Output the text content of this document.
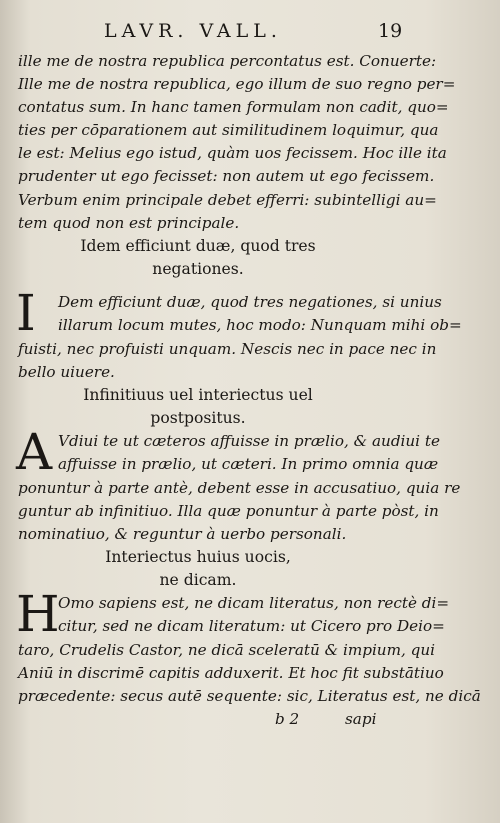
LAVR. VALL.	19
ille me de nostra republica percontatus est. Conuerte:
Ille me de nostra republica, ego illum de suo regno per=
contatus sum. In hanc tamen formulam non cadit, quo=
ties per cōparationem aut similitudinem loquimur, qua
le est: Melius ego istud, quàm uos fecissem. Hoc ille ita
prudenter ut ego fecisset: non autem ut ego fecissem.
Verbum enim principale debet efferri: subintelligi au=
tem quod non est principale.
Idem efficiunt duæ, quod tres
negationes.
I	Dem efficiunt duæ, quod tres negationes, si unius
illarum locum mutes, hoc modo: Nunquam mihi ob=
fuisti, nec profuisti unquam. Nescis nec in pace nec in
bello uiuere.
Infinitiuus uel interiectus uel
postpositus.
A Vdiui te ut cæteros affuisse in prælio, & audiui te
affuisse in prælio, ut cæteri. In primo omnia quæ
ponuntur à parte antè, debent esse in accusatiuo, quia re
guntur ab infinitiuo. Illa quæ ponuntur à parte pòst, in
nominatiuo, & reguntur à uerbo personali.
Interiectus huius uocis,
ne dicam.
H
Omo sapiens est, ne dicam literatus, non rectè di=
citur, sed ne dicam literatum: ut Cicero pro Deio=
taro, Crudelis Castor, ne dicā sceleratū & impium, qui
Aniū in discrimē capitis adduxerit. Et hoc fit substātiuo
præcedente: secus autē sequente: sic, Literatus est, ne dicā
b 2	sapi
